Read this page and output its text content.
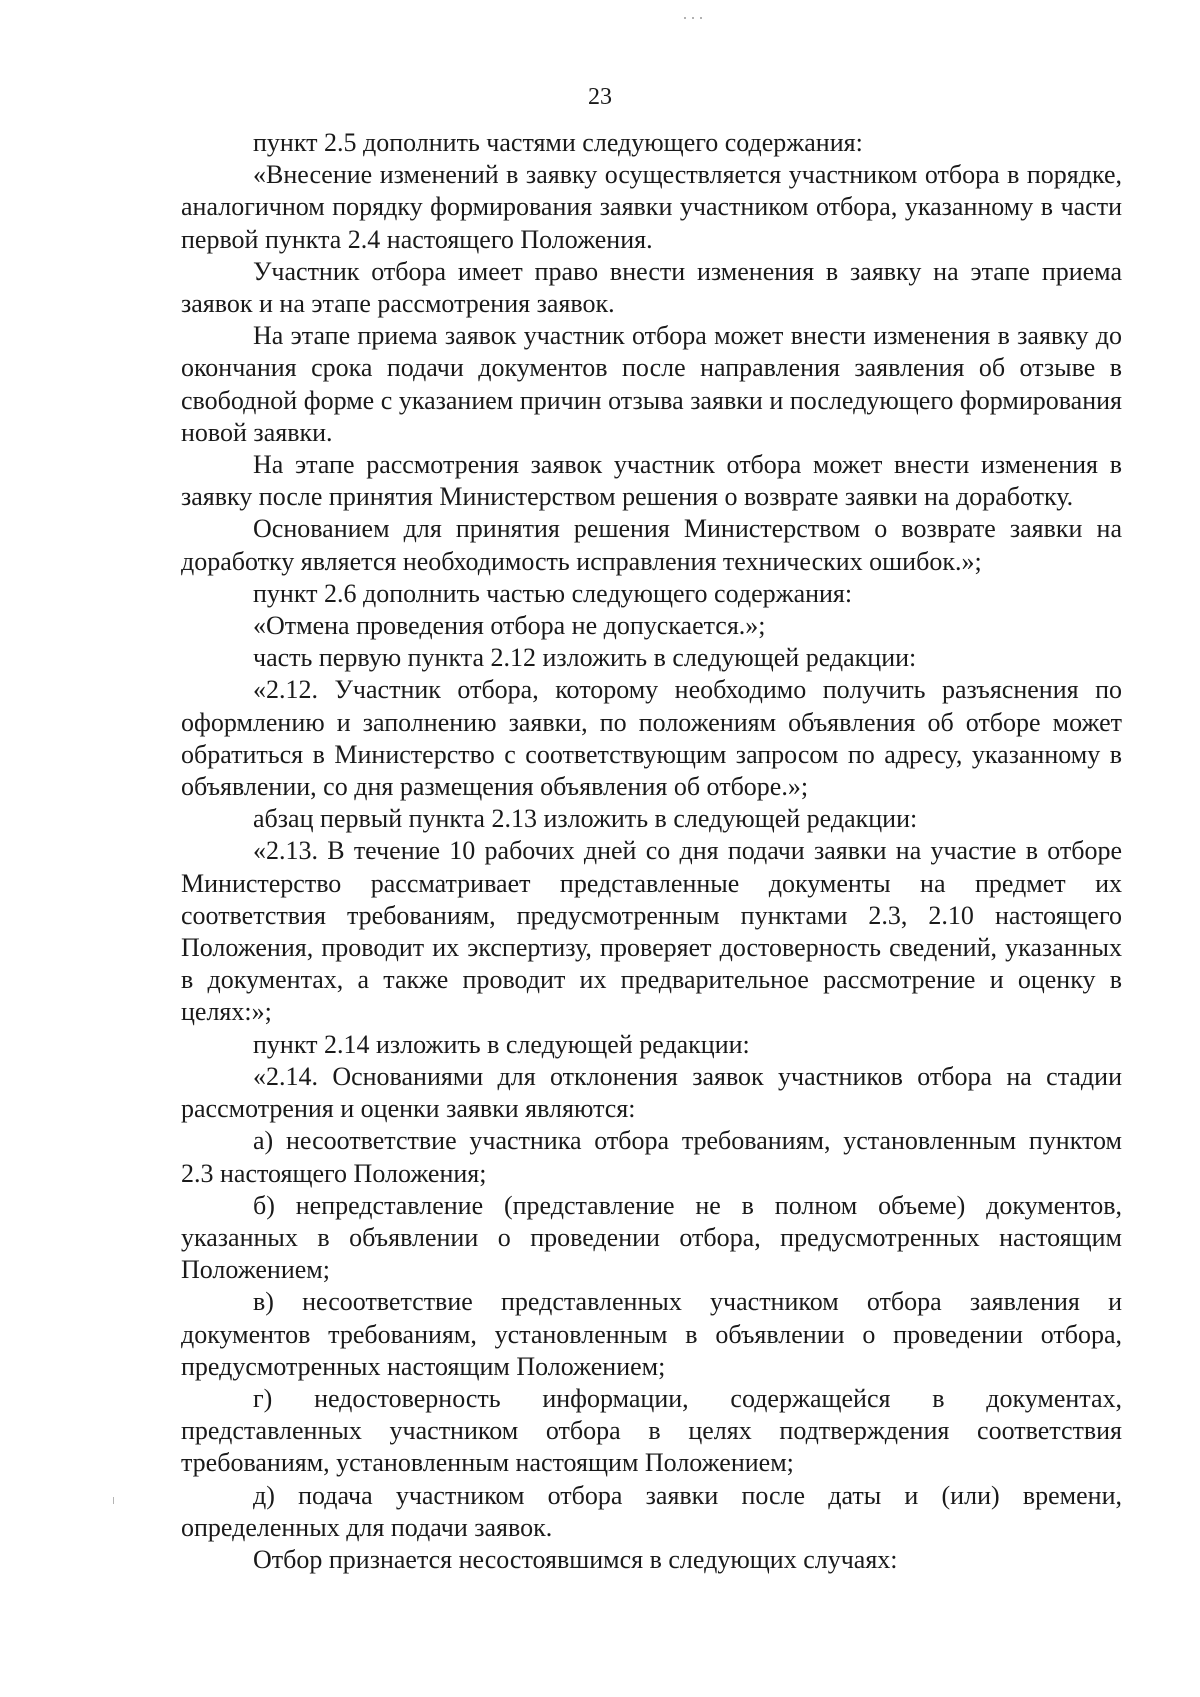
23

пункт 2.5 дополнить частями следующего содержания:

«Внесение изменений в заявку осуществляется участником отбора в порядке, аналогичном порядку формирования заявки участником отбора, указанному в части первой пункта 2.4 настоящего Положения.

Участник отбора имеет право внести изменения в заявку на этапе приема заявок и на этапе рассмотрения заявок.

На этапе приема заявок участник отбора может внести изменения в заявку до окончания срока подачи документов после направления заявления об отзыве в свободной форме с указанием причин отзыва заявки и последующего формирования новой заявки.

На этапе рассмотрения заявок участник отбора может внести изменения в заявку после принятия Министерством решения о возврате заявки на доработку.

Основанием для принятия решения Министерством о возврате заявки на доработку является необходимость исправления технических ошибок.»;

пункт 2.6 дополнить частью следующего содержания:

«Отмена проведения отбора не допускается.»;

часть первую пункта 2.12 изложить в следующей редакции:

«2.12. Участник отбора, которому необходимо получить разъяснения по оформлению и заполнению заявки, по положениям объявления об отборе может обратиться в Министерство с соответствующим запросом по адресу, указанному в объявлении, со дня размещения объявления об отборе.»;

абзац первый пункта 2.13 изложить в следующей редакции:

«2.13. В течение 10 рабочих дней со дня подачи заявки на участие в отборе Министерство рассматривает представленные документы на предмет их соответствия требованиям, предусмотренным пунктами 2.3, 2.10 настоящего Положения, проводит их экспертизу, проверяет достоверность сведений, указанных в документах, а также проводит их предварительное рассмотрение и оценку в целях:»;

пункт 2.14 изложить в следующей редакции:

«2.14. Основаниями для отклонения заявок участников отбора на стадии рассмотрения и оценки заявки являются:

а) несоответствие участника отбора требованиям, установленным пунктом 2.3 настоящего Положения;

б) непредставление (представление не в полном объеме) документов, указанных в объявлении о проведении отбора, предусмотренных настоящим Положением;

в) несоответствие представленных участником отбора заявления и документов требованиям, установленным в объявлении о проведении отбора, предусмотренных настоящим Положением;

г) недостоверность информации, содержащейся в документах, представленных участником отбора в целях подтверждения соответствия требованиям, установленным настоящим Положением;

д) подача участником отбора заявки после даты и (или) времени, определенных для подачи заявок.

Отбор признается несостоявшимся в следующих случаях:
